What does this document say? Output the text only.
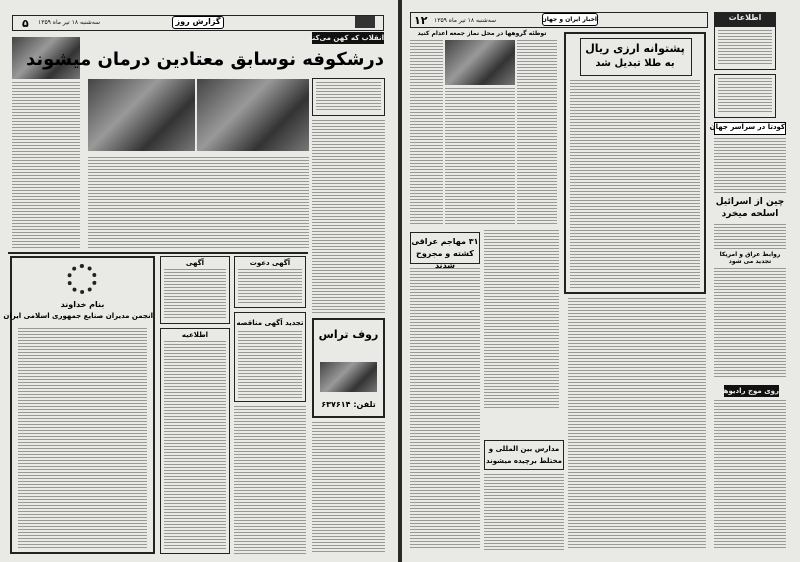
۵ سه‌شنبه ۱۸ تیر ماه ۱۳۵۹	گزارش روز
انقلاب که کهن می‌کند
درشکوفه نوسابق معتادین درمان میشوند
بنام خداوند
انجمن مدیران صنایع جمهوری اسلامی ایران
آگهی	آگهی دعوت
تجدید آگهی مناقصه
اطلاعیه	روف تراس
تلفن: ۶۳۷۶۱۴
۱۲ سه‌شنبه ۱۸ تیر ماه ۱۳۵۹	اخبار ایران و جهان	اطلاعات
توطئه گروهها در محل نماز جمعه اعدام کنید
پشتوانه ارزی ریال
به طلا تبدیل شد
کودتا در سراسر جهان
چین از اسرائیل اسلحه میخرد
روابط عراق و امریکا تجدید می شود
روی موج رادیوها
۳۱ مهاجم عراقی کشته و مجروح شدند
مدارس بین المللی و مختلط برچیده میشوند
